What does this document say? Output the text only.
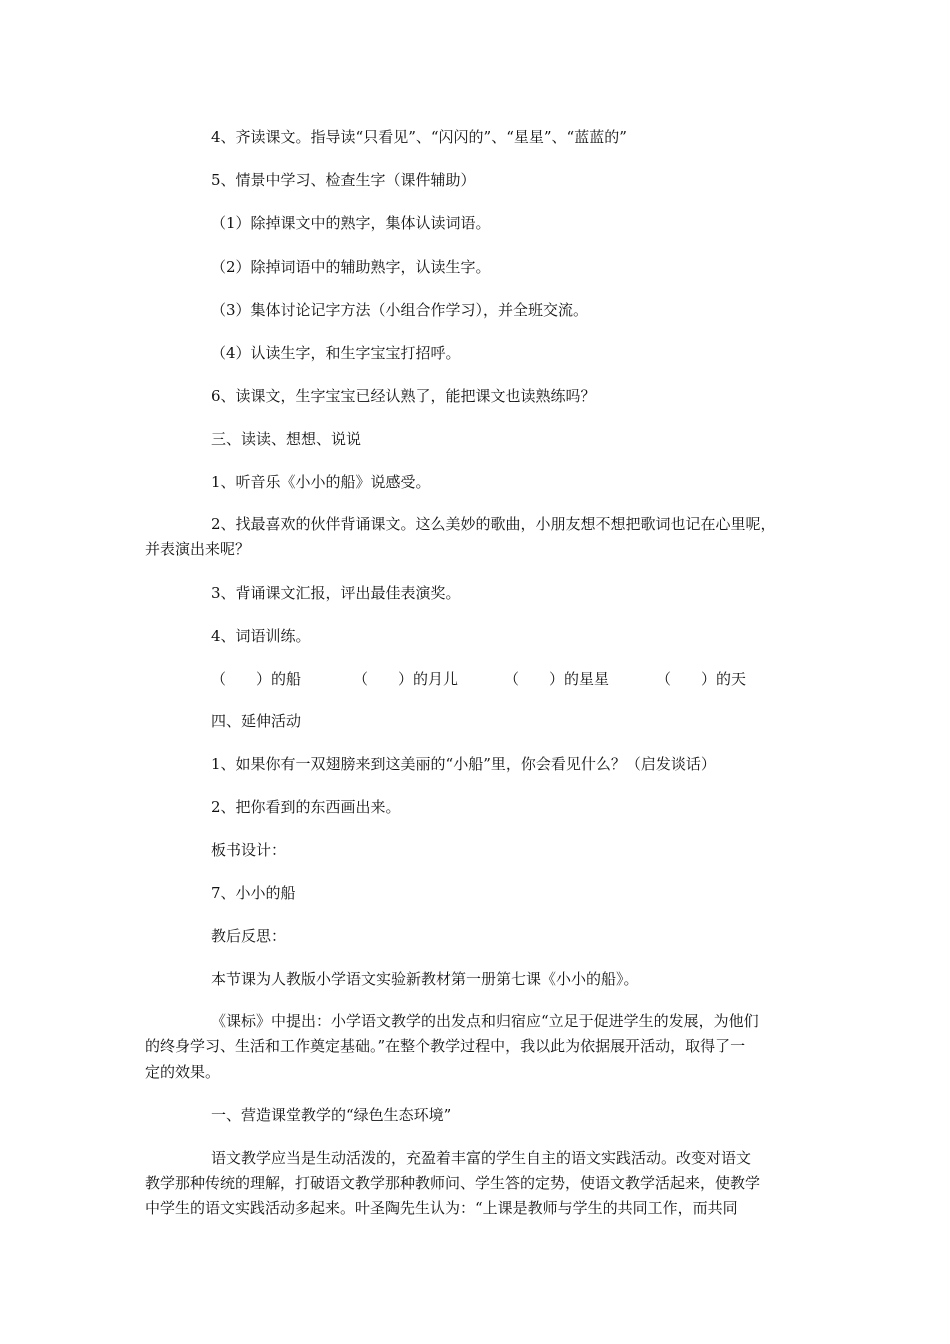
4、齐读课文。指导读“只看见”、“闪闪的”、“星星”、“蓝蓝的”
5、情景中学习、检查生字（课件辅助）
（1）除掉课文中的熟字，集体认读词语。
（2）除掉词语中的辅助熟字，认读生字。
（3）集体讨论记字方法（小组合作学习），并全班交流。
（4）认读生字，和生字宝宝打招呼。
6、读课文，生字宝宝已经认熟了，能把课文也读熟练吗？
三、读读、想想、说说
1、听音乐《小小的船》说感受。
2、找最喜欢的伙伴背诵课文。这么美妙的歌曲，小朋友想不想把歌词也记在心里呢，
并表演出来呢？
3、背诵课文汇报，评出最佳表演奖。
4、词语训练。
（　　）的船	（　　）的月儿	（　　）的星星	（　　）的天
四、延伸活动
1、如果你有一双翅膀来到这美丽的“小船”里，你会看见什么？（启发谈话）
2、把你看到的东西画出来。
板书设计：
7、小小的船
教后反思：
本节课为人教版小学语文实验新教材第一册第七课《小小的船》。
《课标》中提出：小学语文教学的出发点和归宿应“立足于促进学生的发展，为他们
的终身学习、生活和工作奠定基础。”在整个教学过程中，我以此为依据展开活动，取得了一
定的效果。
一、营造课堂教学的“绿色生态环境”
语文教学应当是生动活泼的，充盈着丰富的学生自主的语文实践活动。改变对语文
教学那种传统的理解，打破语文教学那种教师问、学生答的定势，使语文教学活起来，使教学
中学生的语文实践活动多起来。叶圣陶先生认为：“上课是教师与学生的共同工作，而共同
